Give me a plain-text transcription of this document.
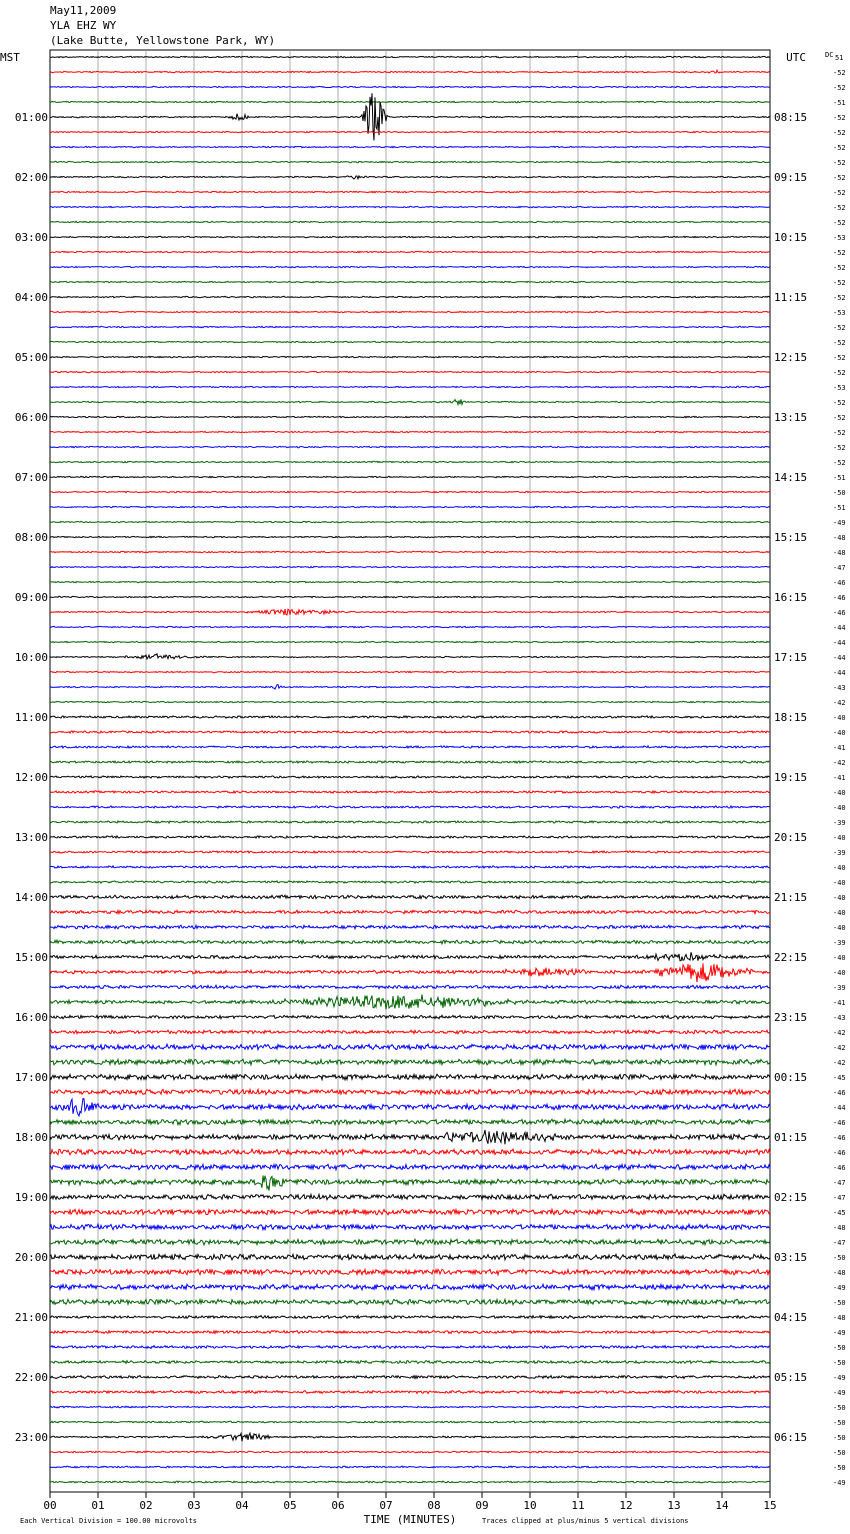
MST	UTC
01:00
02:00
03:00
04:00
05:00
06:00
07:00
08:00
09:00
10:00
11:00
12:00
13:00
14:00
15:00
16:00
17:00
18:00
19:00
20:00
21:00
22:00
23:00
08:15
09:15
10:15
11:15
12:15
13:15
14:15
15:15
16:15
17:15
18:15
19:15
20:15
21:15
22:15
23:15
00:15
01:15
02:15
03:15
04:15
05:15
06:15
DC 51
-52
-52
-51
-52
-52
-52
-52
-52
-52
-52
-52
-53
-52
-52
-52
-52
-53
-52
-52
-52
-52
-53
-52
-52
-52
-52
-52
-51
-50
-51
-49
-48
-48
-47
-46
-46
-46
-44
-44
-44
-44
-43
-42
-40
-40
-41
-42
-41
-40
-40
-39
-40
-39
-40
-40
-40
-40
-40
-39
-40
-40
-39
-41
-43
-42
-42
-42
-45
-46
-44
-46
-46
-46
-46
-47
-47
-45
-48
-47
-50
-48
-49
-50
-48
-49
-50
-50
-49
-49
-50
-50
-50
-50
-50
-49
00	01	02	03	04	05	06	07	08	09	10	11	12	13	14	15
TIME (MINUTES)
Each Vertical Division = 100.00 microvolts	Traces clipped at plus/minus 5 vertical divisions
May11,2009
YLA EHZ WY
(Lake Butte, Yellowstone Park, WY)
